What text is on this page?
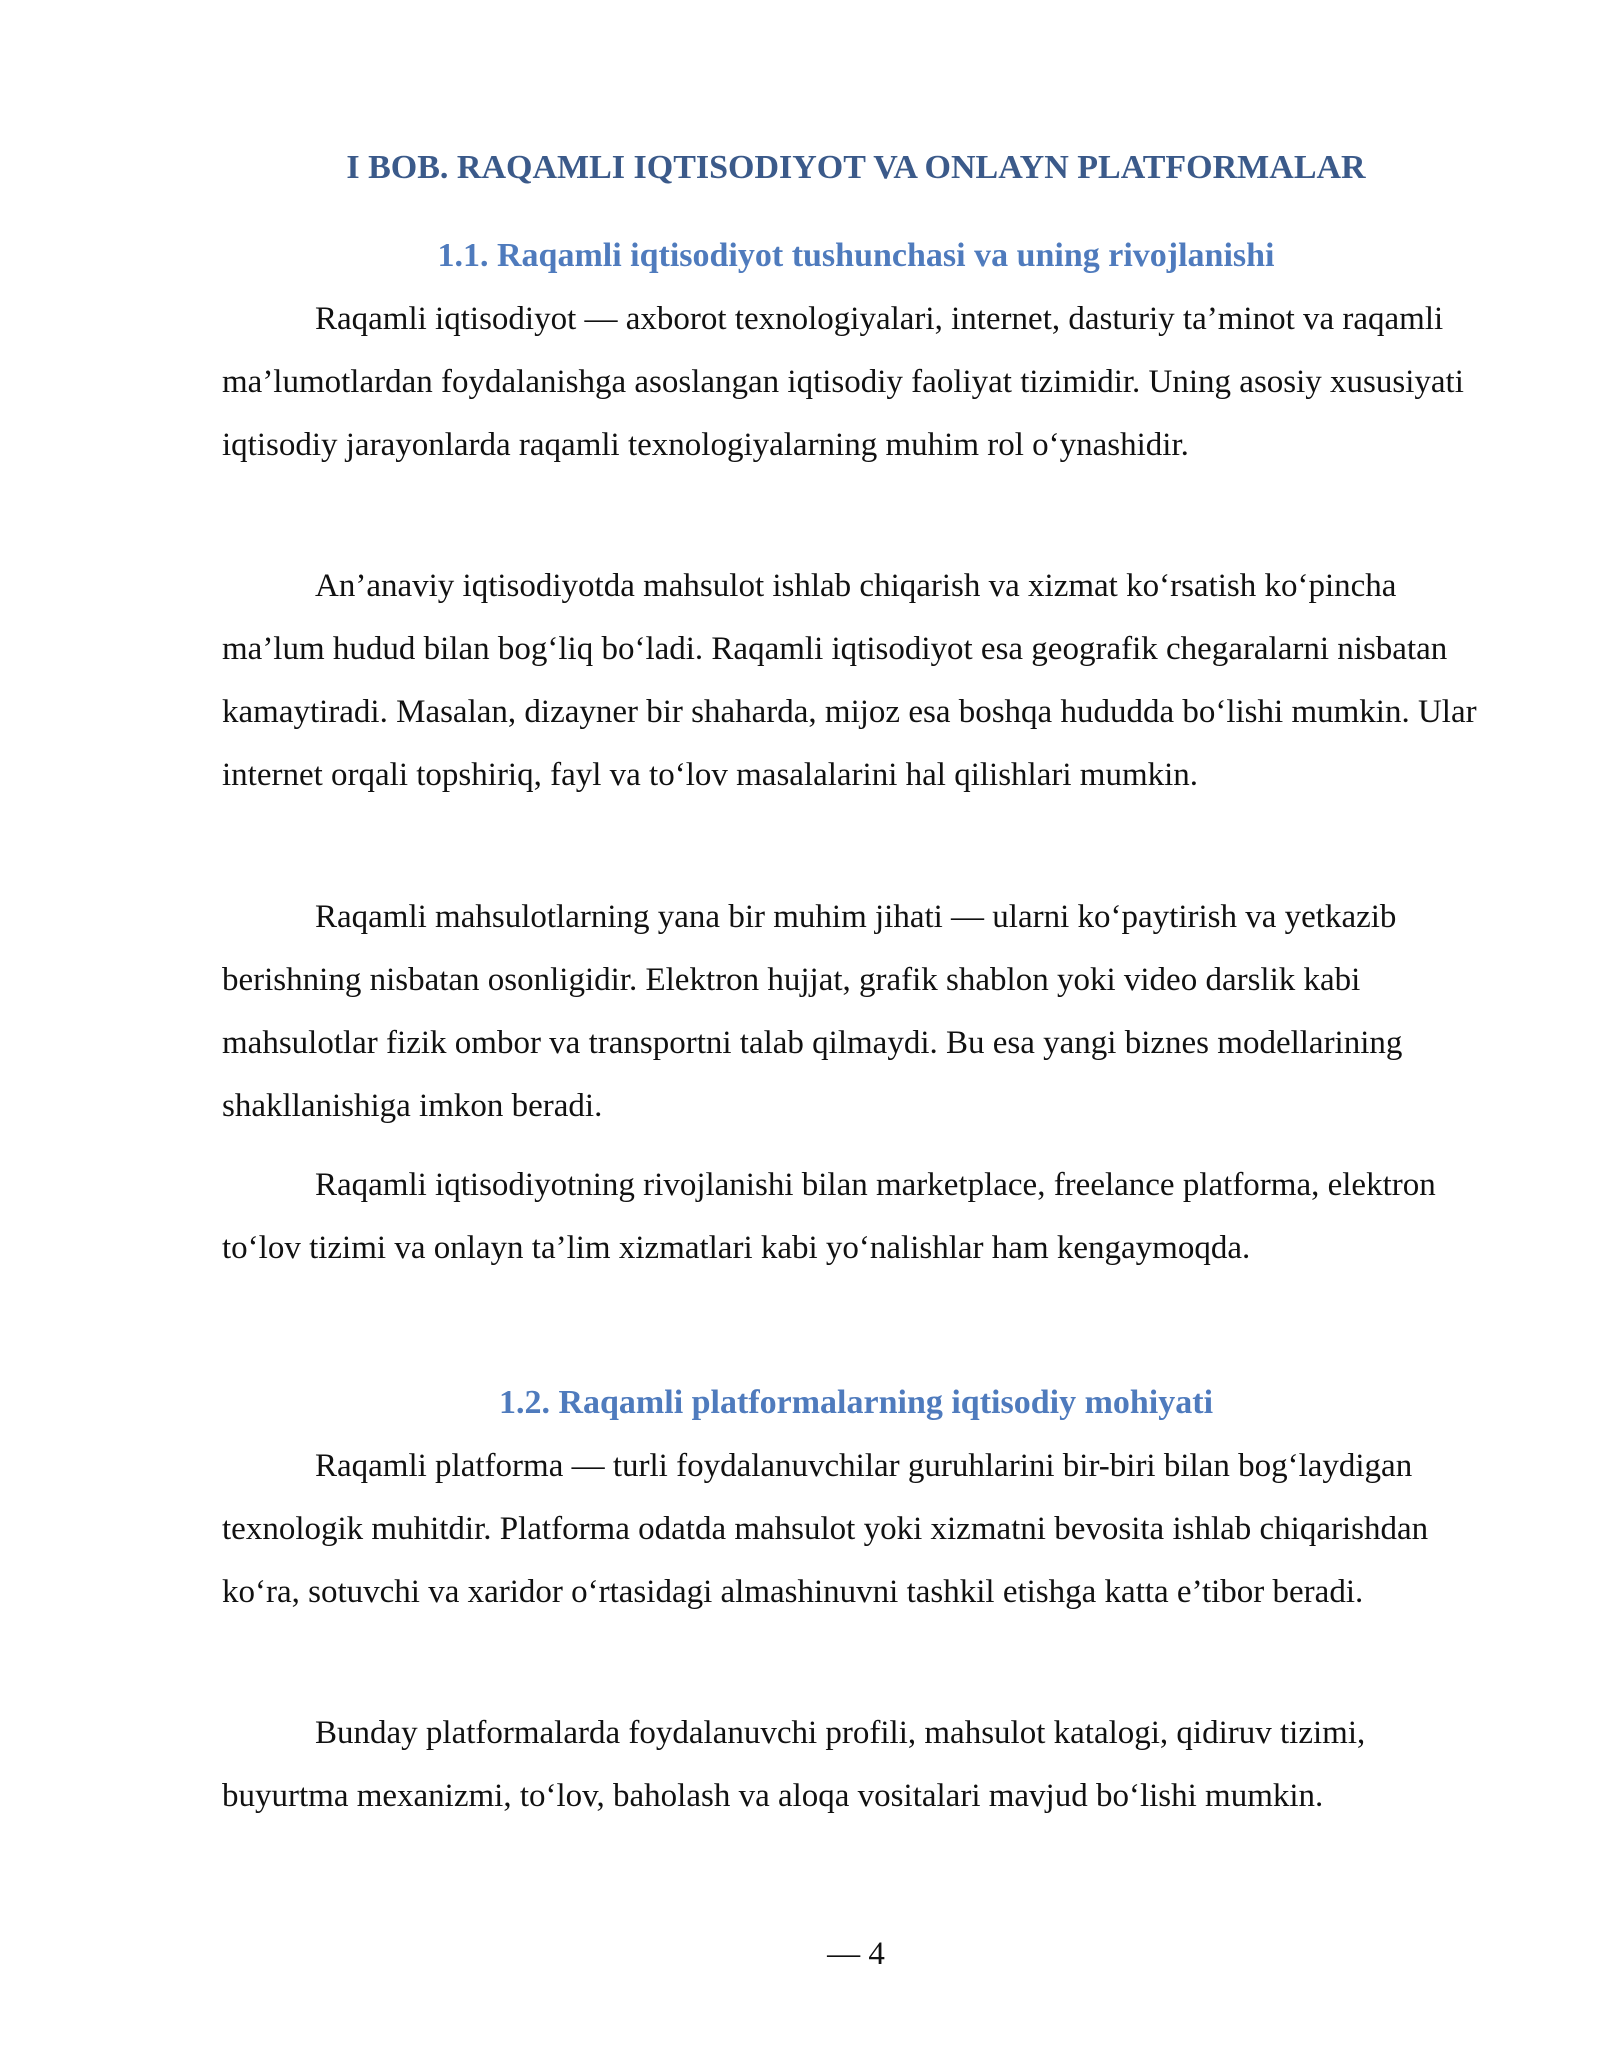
I BOB. RAQAMLI IQTISODIYOT VA ONLAYN PLATFORMALAR
1.1. Raqamli iqtisodiyot tushunchasi va uning rivojlanishi

Raqamli iqtisodiyot — axborot texnologiyalari, internet, dasturiy ta’minot va raqamli ma’lumotlardan foydalanishga asoslangan iqtisodiy faoliyat tizimidir. Uning asosiy xususiyati iqtisodiy jarayonlarda raqamli texnologiyalarning muhim rol o‘ynashidir.

An’anaviy iqtisodiyotda mahsulot ishlab chiqarish va xizmat ko‘rsatish ko‘pincha ma’lum hudud bilan bog‘liq bo‘ladi. Raqamli iqtisodiyot esa geografik chegaralarni nisbatan kamaytiradi. Masalan, dizayner bir shaharda, mijoz esa boshqa hududda bo‘lishi mumkin. Ular internet orqali topshiriq, fayl va to‘lov masalalarini hal qilishlari mumkin.

Raqamli mahsulotlarning yana bir muhim jihati — ularni ko‘paytirish va yetkazib berishning nisbatan osonligidir. Elektron hujjat, grafik shablon yoki video darslik kabi mahsulotlar fizik ombor va transportni talab qilmaydi. Bu esa yangi biznes modellarining shakllanishiga imkon beradi.

Raqamli iqtisodiyotning rivojlanishi bilan marketplace, freelance platforma, elektron to‘lov tizimi va onlayn ta’lim xizmatlari kabi yo‘nalishlar ham kengaymoqda.

1.2. Raqamli platformalarning iqtisodiy mohiyati

Raqamli platforma — turli foydalanuvchilar guruhlarini bir-biri bilan bog‘laydigan texnologik muhitdir. Platforma odatda mahsulot yoki xizmatni bevosita ishlab chiqarishdan ko‘ra, sotuvchi va xaridor o‘rtasidagi almashinuvni tashkil etishga katta e’tibor beradi.

Bunday platformalarda foydalanuvchi profili, mahsulot katalogi, qidiruv tizimi, buyurtma mexanizmi, to‘lov, baholash va aloqa vositalari mavjud bo‘lishi mumkin.

— 4
